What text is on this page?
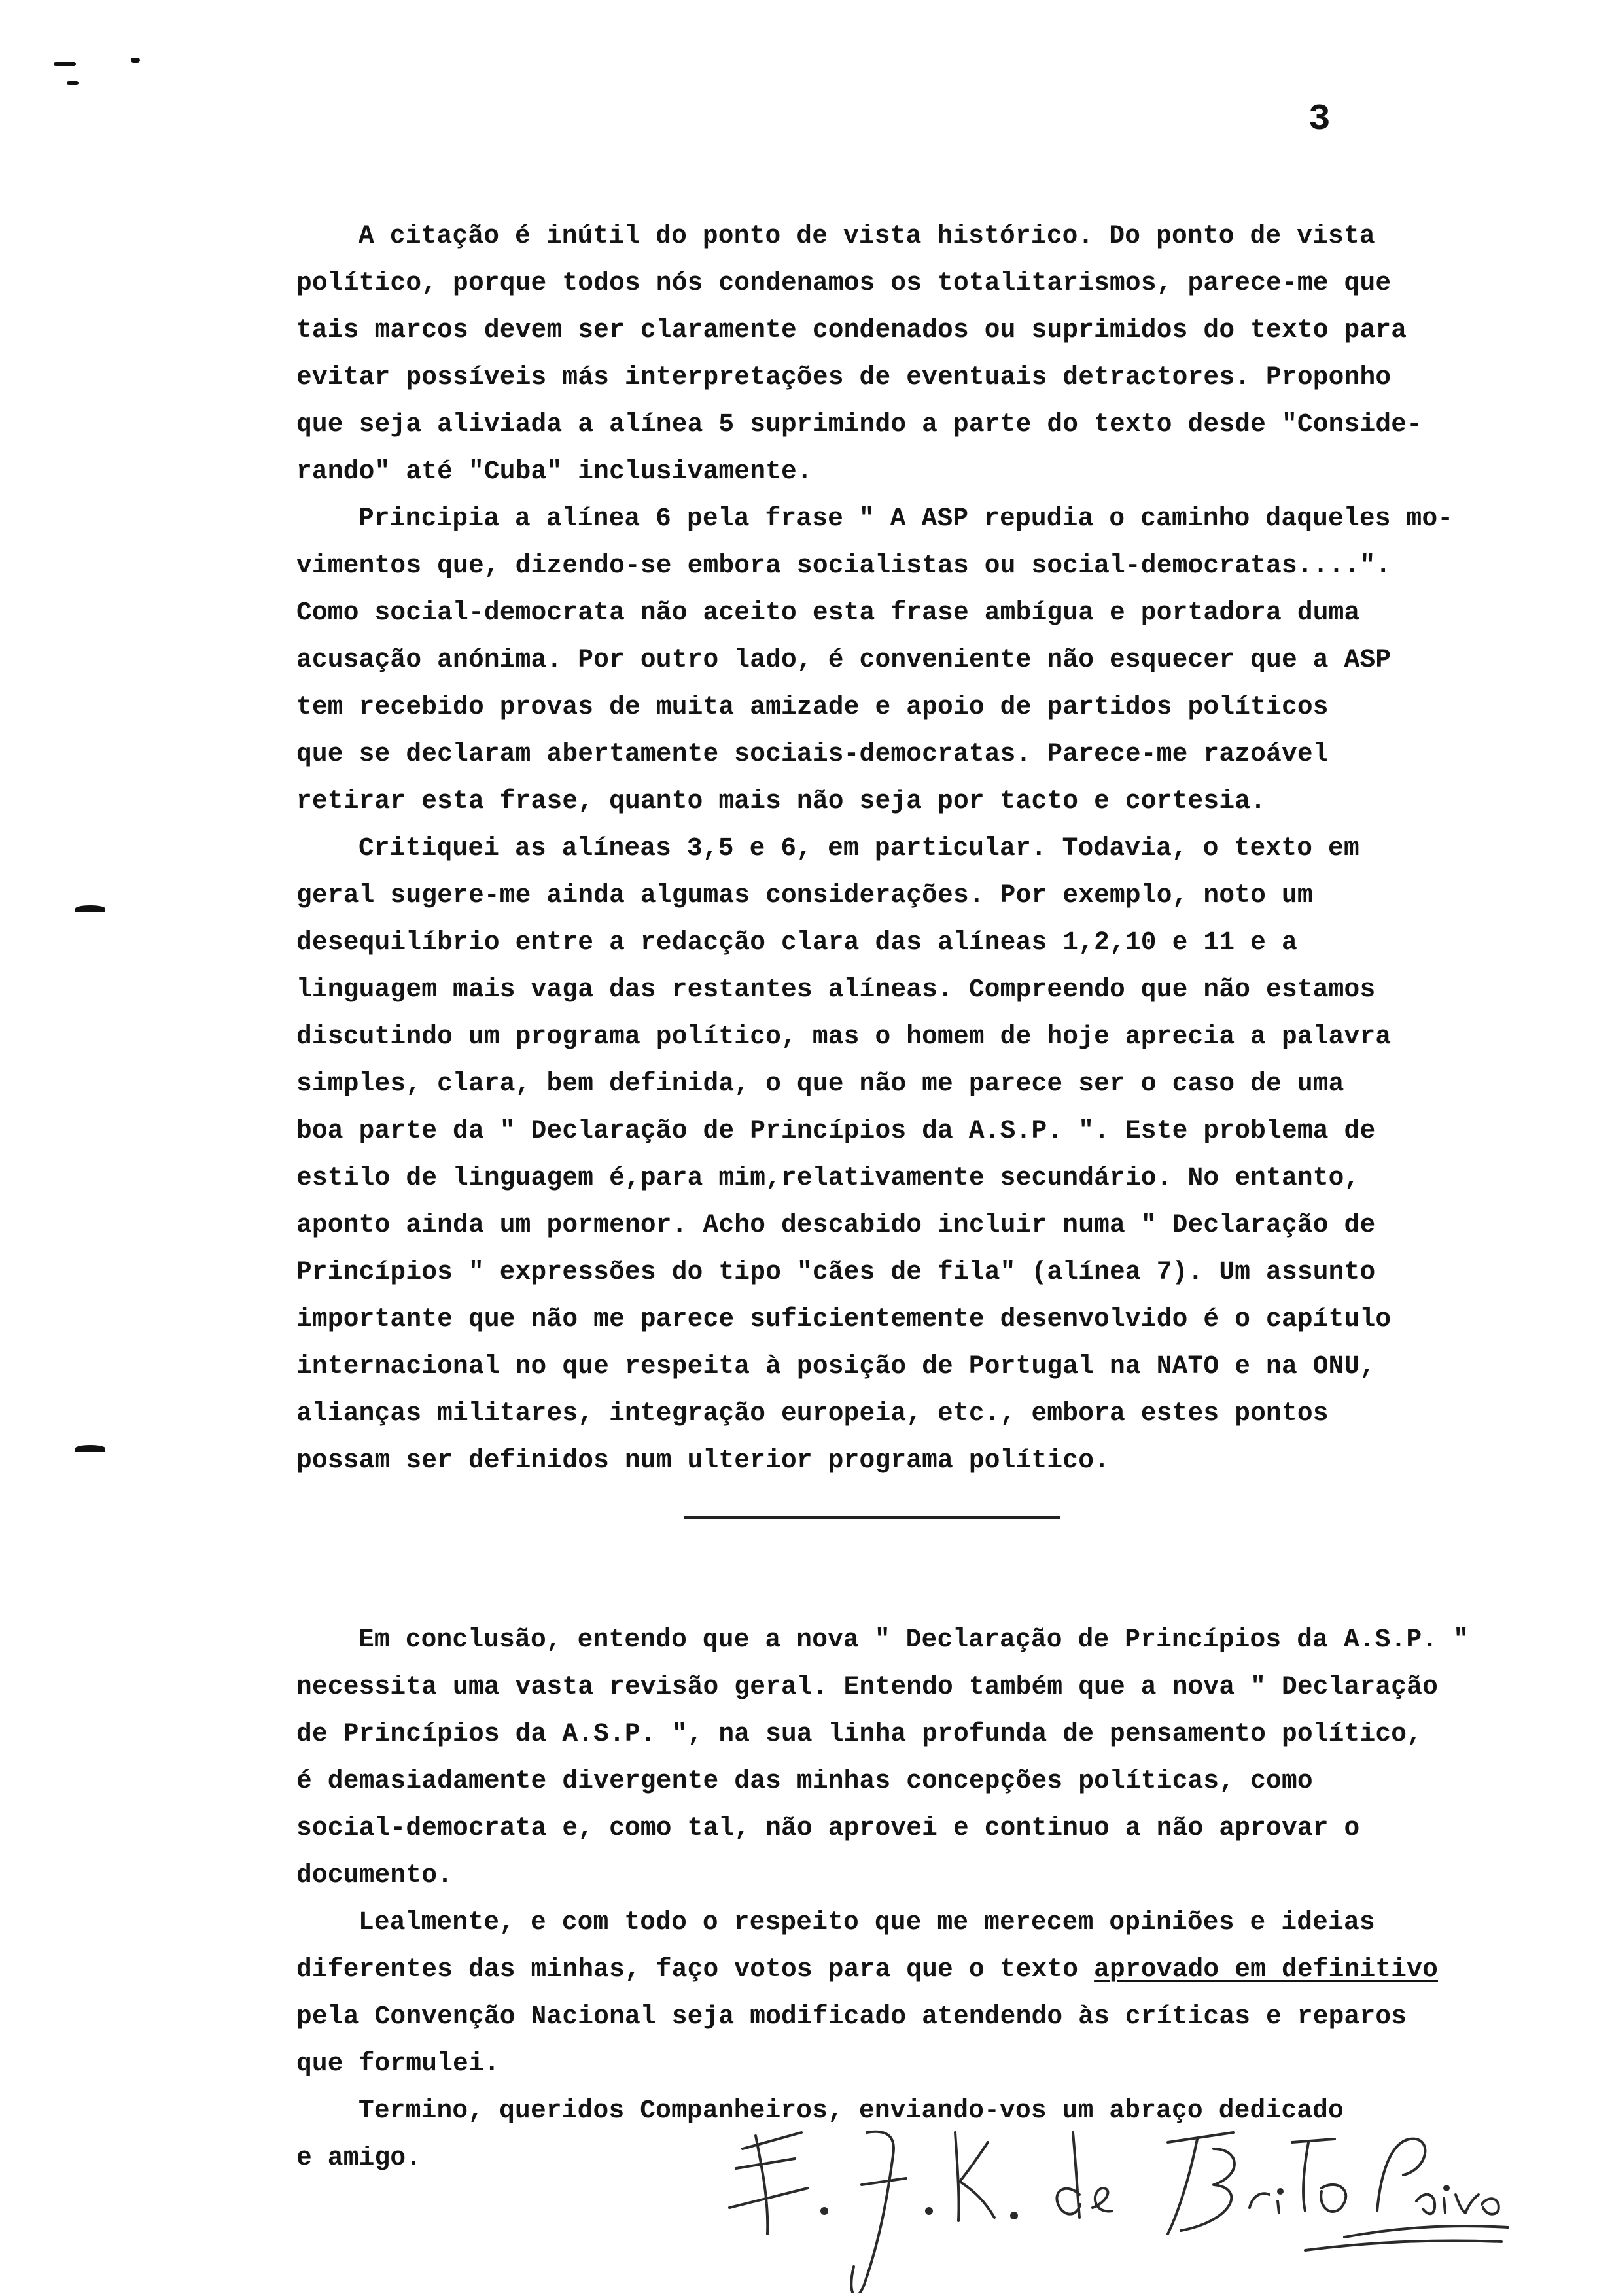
3
A citação é inútil do ponto de vista histórico. Do ponto de vista
político, porque todos nós condenamos os totalitarismos, parece-me que
tais marcos devem ser claramente condenados ou suprimidos do texto para
evitar possíveis más interpretações de eventuais detractores. Proponho
que seja aliviada a alínea 5 suprimindo a parte do texto desde "Conside-
rando" até "Cuba" inclusivamente.
Principia a alínea 6 pela frase " A ASP repudia o caminho daqueles mo-
vimentos que, dizendo-se embora socialistas ou social-democratas....".
Como social-democrata não aceito esta frase ambígua e portadora duma
acusação anónima. Por outro lado, é conveniente não esquecer que a ASP
tem recebido provas de muita amizade e apoio de partidos políticos
que se declaram abertamente sociais-democratas. Parece-me razoável
retirar esta frase, quanto mais não seja por tacto e cortesia.
Critiquei as alíneas 3,5 e 6, em particular. Todavia, o texto em
geral sugere-me ainda algumas considerações. Por exemplo, noto um
desequilíbrio entre a redacção clara das alíneas 1,2,10 e 11 e a
linguagem mais vaga das restantes alíneas. Compreendo que não estamos
discutindo um programa político, mas o homem de hoje aprecia a palavra
simples, clara, bem definida, o que não me parece ser o caso de uma
boa parte da " Declaração de Princípios da A.S.P. ". Este problema de
estilo de linguagem é,para mim,relativamente secundário. No entanto,
aponto ainda um pormenor. Acho descabido incluir numa " Declaração de
Princípios " expressões do tipo "cães de fila" (alínea 7). Um assunto
importante que não me parece suficientemente desenvolvido é o capítulo
internacional no que respeita à posição de Portugal na NATO e na ONU,
alianças militares, integração europeia, etc., embora estes pontos
possam ser definidos num ulterior programa político.
Em conclusão, entendo que a nova " Declaração de Princípios da A.S.P. "
necessita uma vasta revisão geral. Entendo também que a nova " Declaração
de Princípios da A.S.P. ", na sua linha profunda de pensamento político,
é demasiadamente divergente das minhas concepções políticas, como
social-democrata e, como tal, não aprovei e continuo a não aprovar o
documento.
Lealmente, e com todo o respeito que me merecem opiniões e ideias
diferentes das minhas, faço votos para que o texto aprovado em definitivo
pela Convenção Nacional seja modificado atendendo às críticas e reparos
que formulei.
Termino, queridos Companheiros, enviando-vos um abraço dedicado
e amigo.
